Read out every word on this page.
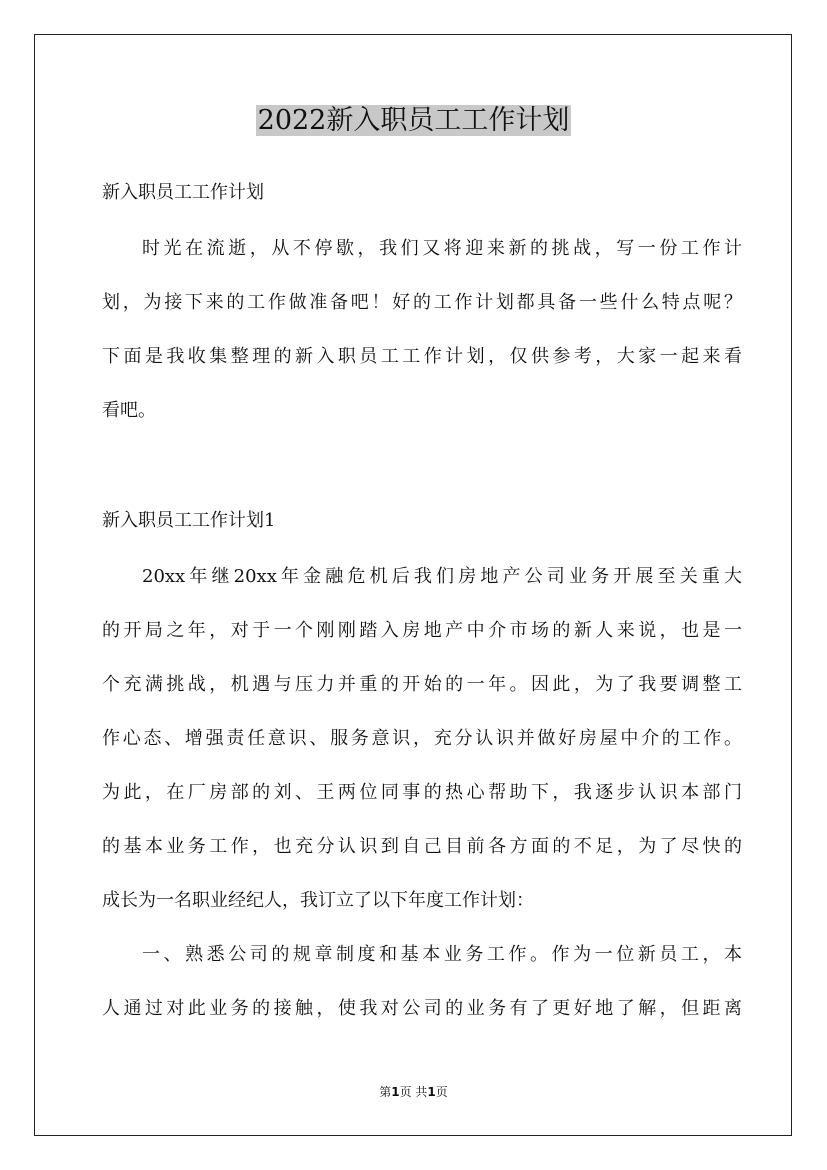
2022新入职员工工作计划

新入职员工工作计划

时光在流逝，从不停歇，我们又将迎来新的挑战，写一份工作计

划，为接下来的工作做准备吧！好的工作计划都具备一些什么特点呢？

下面是我收集整理的新入职员工工作计划，仅供参考，大家一起来看

看吧。

新入职员工工作计划1

20xx年继20xx年金融危机后我们房地产公司业务开展至关重大

的开局之年，对于一个刚刚踏入房地产中介市场的新人来说，也是一

个充满挑战，机遇与压力并重的开始的一年。因此，为了我要调整工

作心态、增强责任意识、服务意识，充分认识并做好房屋中介的工作。

为此，在厂房部的刘、王两位同事的热心帮助下，我逐步认识本部门

的基本业务工作，也充分认识到自己目前各方面的不足，为了尽快的

成长为一名职业经纪人，我订立了以下年度工作计划：

一、熟悉公司的规章制度和基本业务工作。作为一位新员工，本

人通过对此业务的接触，使我对公司的业务有了更好地了解，但距离

第1页 共1页
